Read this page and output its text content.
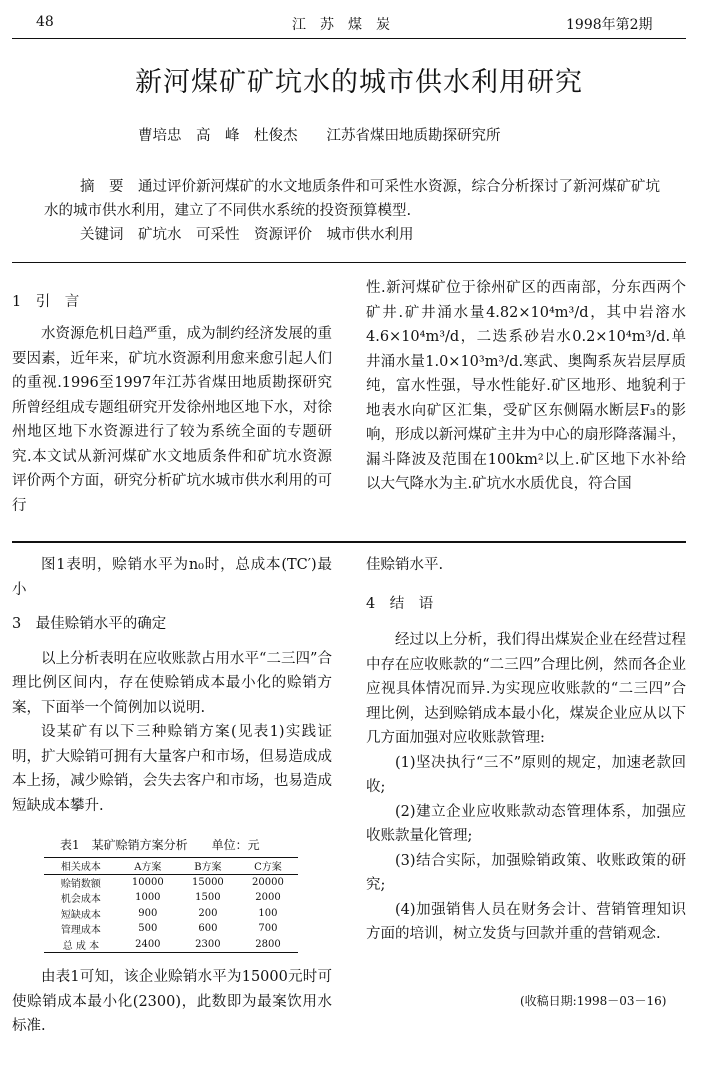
48	江　苏　煤　炭	1998年第2期
新河煤矿矿坑水的城市供水利用研究
曹培忠　高　峰　杜俊杰　　江苏省煤田地质勘探研究所

摘　要　 通过评价新河煤矿的水文地质条件和可采性水资源，综合分析探讨了新河煤矿矿坑水的城市供水利用，建立了不同供水系统的投资预算模型.

关键词　 矿坑水　可采性　资源评价　城市供水利用

1　引　言

水资源危机日趋严重，成为制约经济发展的重要因素，近年来，矿坑水资源利用愈来愈引起人们的重视.1996至1997年江苏省煤田地质勘探研究所曾经组成专题组研究开发徐州地区地下水，对徐州地区地下水资源进行了较为系统全面的专题研究.本文试从新河煤矿水文地质条件和矿坑水资源评价两个方面，研究分析矿坑水城市供水利用的可行

性.新河煤矿位于徐州矿区的西南部，分东西两个矿井.矿井涌水量4.82×10⁴m³/d，其中岩溶水4.6×10⁴m³/d，二迭系砂岩水0.2×10⁴m³/d.单井涌水量1.0×10³m³/d.寒武、奥陶系灰岩层厚质纯，富水性强，导水性能好.矿区地形、地貌利于地表水向矿区汇集，受矿区东侧隔水断层F₃的影响，形成以新河煤矿主井为中心的扇形降落漏斗，漏斗降波及范围在100km²以上.矿区地下水补给以大气降水为主.矿坑水水质优良，符合国

图1表明，赊销水平为n₀时，总成本(TC′)最小

3　最佳赊销水平的确定

以上分析表明在应收账款占用水平“二三四”合理比例区间内，存在使赊销成本最小化的赊销方案，下面举一个简例加以说明.

设某矿有以下三种赊销方案(见表1)实践证明，扩大赊销可拥有大量客户和市场，但易造成成本上扬，减少赊销，会失去客户和市场，也易造成短缺成本攀升.

表1　某矿赊销方案分析　　单位：元
相关成本	A方案	B方案	C方案
赊销数额	10000	15000	20000
机会成本	1000	1500	2000
短缺成本	900	200	100
管理成本	500	600	700
总 成 本	2400	2300	2800

由表1可知，该企业赊销水平为15000元时可使赊销成本最小化(2300)，此数即为最案饮用水标准.

佳赊销水平.

4　结　语

经过以上分析，我们得出煤炭企业在经营过程中存在应收账款的“二三四”合理比例，然而各企业应视具体情况而异.为实现应收账款的“二三四”合理比例，达到赊销成本最小化，煤炭企业应从以下几方面加强对应收账款管理:

(1)坚决执行“三不”原则的规定，加速老款回收;

(2)建立企业应收账款动态管理体系，加强应收账款量化管理;

(3)结合实际，加强赊销政策、收账政策的研究;

(4)加强销售人员在财务会计、营销管理知识方面的培训，树立发货与回款并重的营销观念.

(收稿日期:1998－03－16)
